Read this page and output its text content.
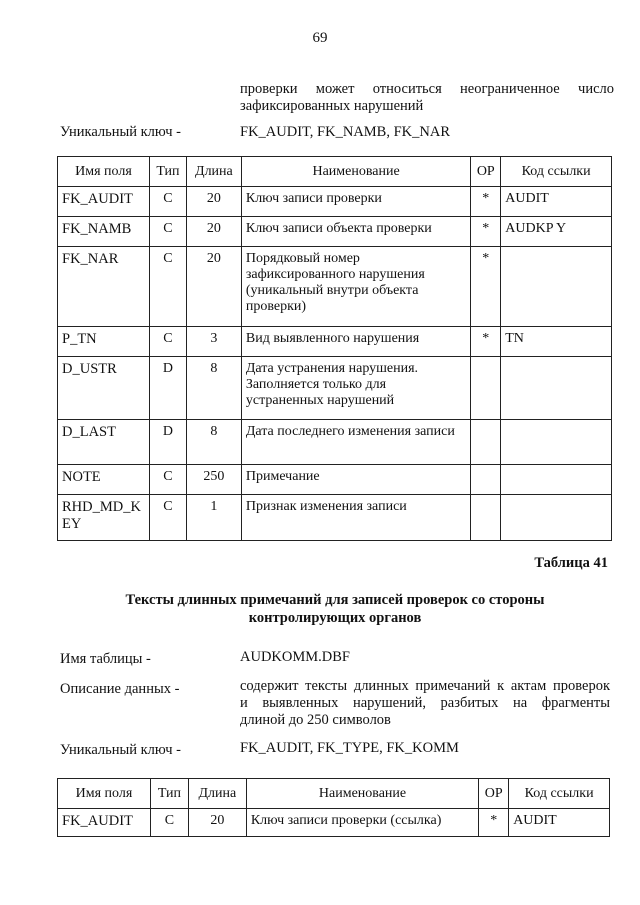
69
проверки может относиться неограниченное число
зафиксированных нарушений
Уникальный ключ -	FK_AUDIT, FK_NAMB, FK_NAR
Имя поля	Тип	Длина	Наименование	ОР	Код ссылки
FK_AUDIT	C	20	Ключ записи проверки	*	AUDIT
FK_NAMB	C	20	Ключ записи объекта проверки	*	AUDKP Y
FK_NAR	C	20	Порядковый номер зафиксированного нарушения (уникальный внутри объекта проверки)	*	
P_TN	C	3	Вид выявленного нарушения	*	TN
D_USTR	D	8	Дата устранения нарушения. Заполняется только для устраненных нарушений		
D_LAST	D	8	Дата последнего изменения записи		
NOTE	C	250	Примечание		
RHD_MD_KEY	C	1	Признак изменения записи		
Таблица 41
Тексты длинных примечаний для записей проверок со стороны
контролирующих органов
Имя таблицы -	AUDKOMM.DBF
Описание данных -	содержит тексты длинных примечаний к актам проверок
и выявленных нарушений, разбитых на фрагменты
длиной до 250 символов
Уникальный ключ -	FK_AUDIT, FK_TYPE, FK_KOMM
Имя поля	Тип	Длина	Наименование	ОР	Код ссылки
FK_AUDIT	C	20	Ключ записи проверки (ссылка)	*	AUDIT
